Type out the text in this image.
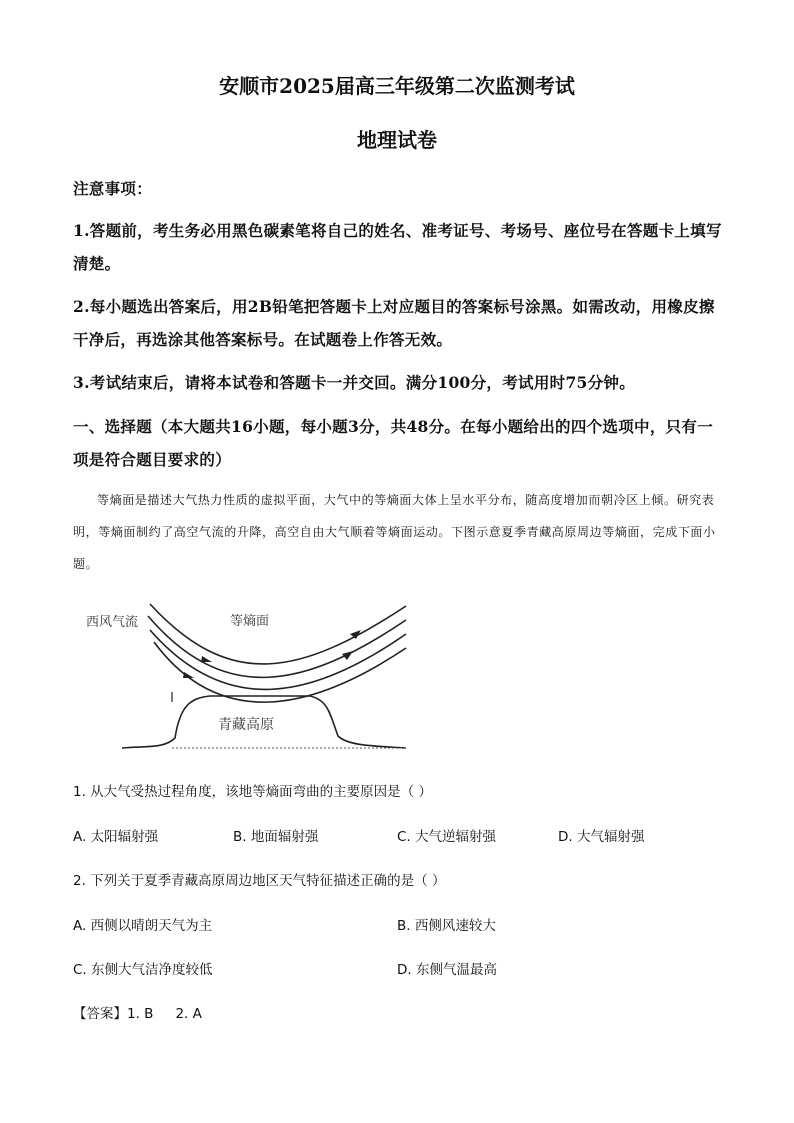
安顺市2025届高三年级第二次监测考试
地理试卷
注意事项：
1.答题前，考生务必用黑色碳素笔将自己的姓名、准考证号、考场号、座位号在答题卡上填写清楚。
2.每小题选出答案后，用2B铅笔把答题卡上对应题目的答案标号涂黑。如需改动，用橡皮擦干净后，再选涂其他答案标号。在试题卷上作答无效。
3.考试结束后，请将本试卷和答题卡一并交回。满分100分，考试用时75分钟。
一、选择题（本大题共16小题，每小题3分，共48分。在每小题给出的四个选项中，只有一项是符合题目要求的）
等熵面是描述大气热力性质的虚拟平面，大气中的等熵面大体上呈水平分布，随高度增加而朝冷区上倾。研究表明，等熵面制约了高空气流的升降，高空自由大气顺着等熵面运动。下图示意夏季青藏高原周边等熵面，完成下面小题。
西风气流	等熵面
青藏高原
1. 从大气受热过程角度，该地等熵面弯曲的主要原因是（ ）
A. 太阳辐射强	B. 地面辐射强	C. 大气逆辐射强	D. 大气辐射强
2. 下列关于夏季青藏高原周边地区天气特征描述正确的是（ ）
A. 西侧以晴朗天气为主	B. 西侧风速较大
C. 东侧大气洁净度较低	D. 东侧气温最高
【答案】1. B 2. A
